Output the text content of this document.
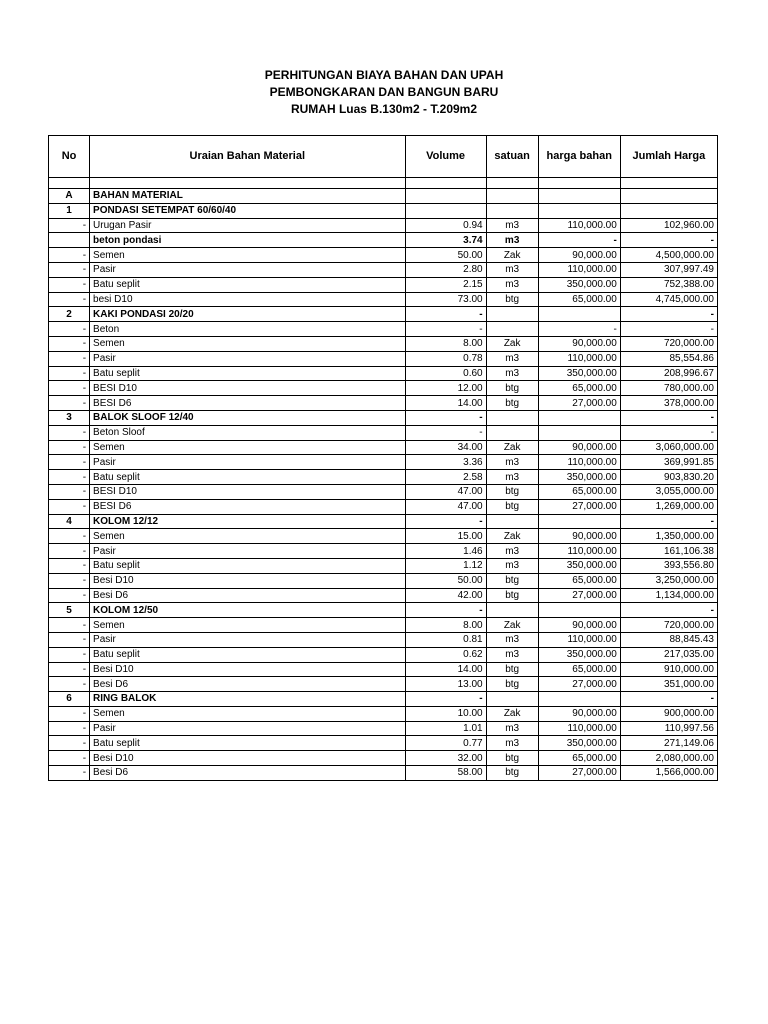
PERHITUNGAN BIAYA BAHAN DAN UPAH
PEMBONGKARAN DAN BANGUN BARU
RUMAH Luas B.130m2 - T.209m2
No	Uraian Bahan Material	Volume	satuan	harga bahan	Jumlah Harga

A	BAHAN MATERIAL				
1	PONDASI SETEMPAT 60/60/40				
-	Urugan Pasir	0.94	m3	110,000.00	102,960.00
	beton pondasi	3.74	m3	-	-
-	Semen	50.00	Zak	90,000.00	4,500,000.00
-	Pasir	2.80	m3	110,000.00	307,997.49
-	Batu seplit	2.15	m3	350,000.00	752,388.00
-	besi D10	73.00	btg	65,000.00	4,745,000.00
2	KAKI PONDASI 20/20	-			-
-	Beton	-		-	-
-	Semen	8.00	Zak	90,000.00	720,000.00
-	Pasir	0.78	m3	110,000.00	85,554.86
-	Batu seplit	0.60	m3	350,000.00	208,996.67
-	BESI D10	12.00	btg	65,000.00	780,000.00
-	BESI D6	14.00	btg	27,000.00	378,000.00
3	BALOK SLOOF 12/40	-			-
-	Beton Sloof	-			-
-	Semen	34.00	Zak	90,000.00	3,060,000.00
-	Pasir	3.36	m3	110,000.00	369,991.85
-	Batu seplit	2.58	m3	350,000.00	903,830.20
-	BESI D10	47.00	btg	65,000.00	3,055,000.00
-	BESI D6	47.00	btg	27,000.00	1,269,000.00
4	KOLOM 12/12	-			-
-	Semen	15.00	Zak	90,000.00	1,350,000.00
-	Pasir	1.46	m3	110,000.00	161,106.38
-	Batu seplit	1.12	m3	350,000.00	393,556.80
-	Besi D10	50.00	btg	65,000.00	3,250,000.00
-	Besi D6	42.00	btg	27,000.00	1,134,000.00
5	KOLOM 12/50	-			-
-	Semen	8.00	Zak	90,000.00	720,000.00
-	Pasir	0.81	m3	110,000.00	88,845.43
-	Batu seplit	0.62	m3	350,000.00	217,035.00
-	Besi D10	14.00	btg	65,000.00	910,000.00
-	Besi D6	13.00	btg	27,000.00	351,000.00
6	RING BALOK	-			-
-	Semen	10.00	Zak	90,000.00	900,000.00
-	Pasir	1.01	m3	110,000.00	110,997.56
-	Batu seplit	0.77	m3	350,000.00	271,149.06
-	Besi D10	32.00	btg	65,000.00	2,080,000.00
-	Besi D6	58.00	btg	27,000.00	1,566,000.00
